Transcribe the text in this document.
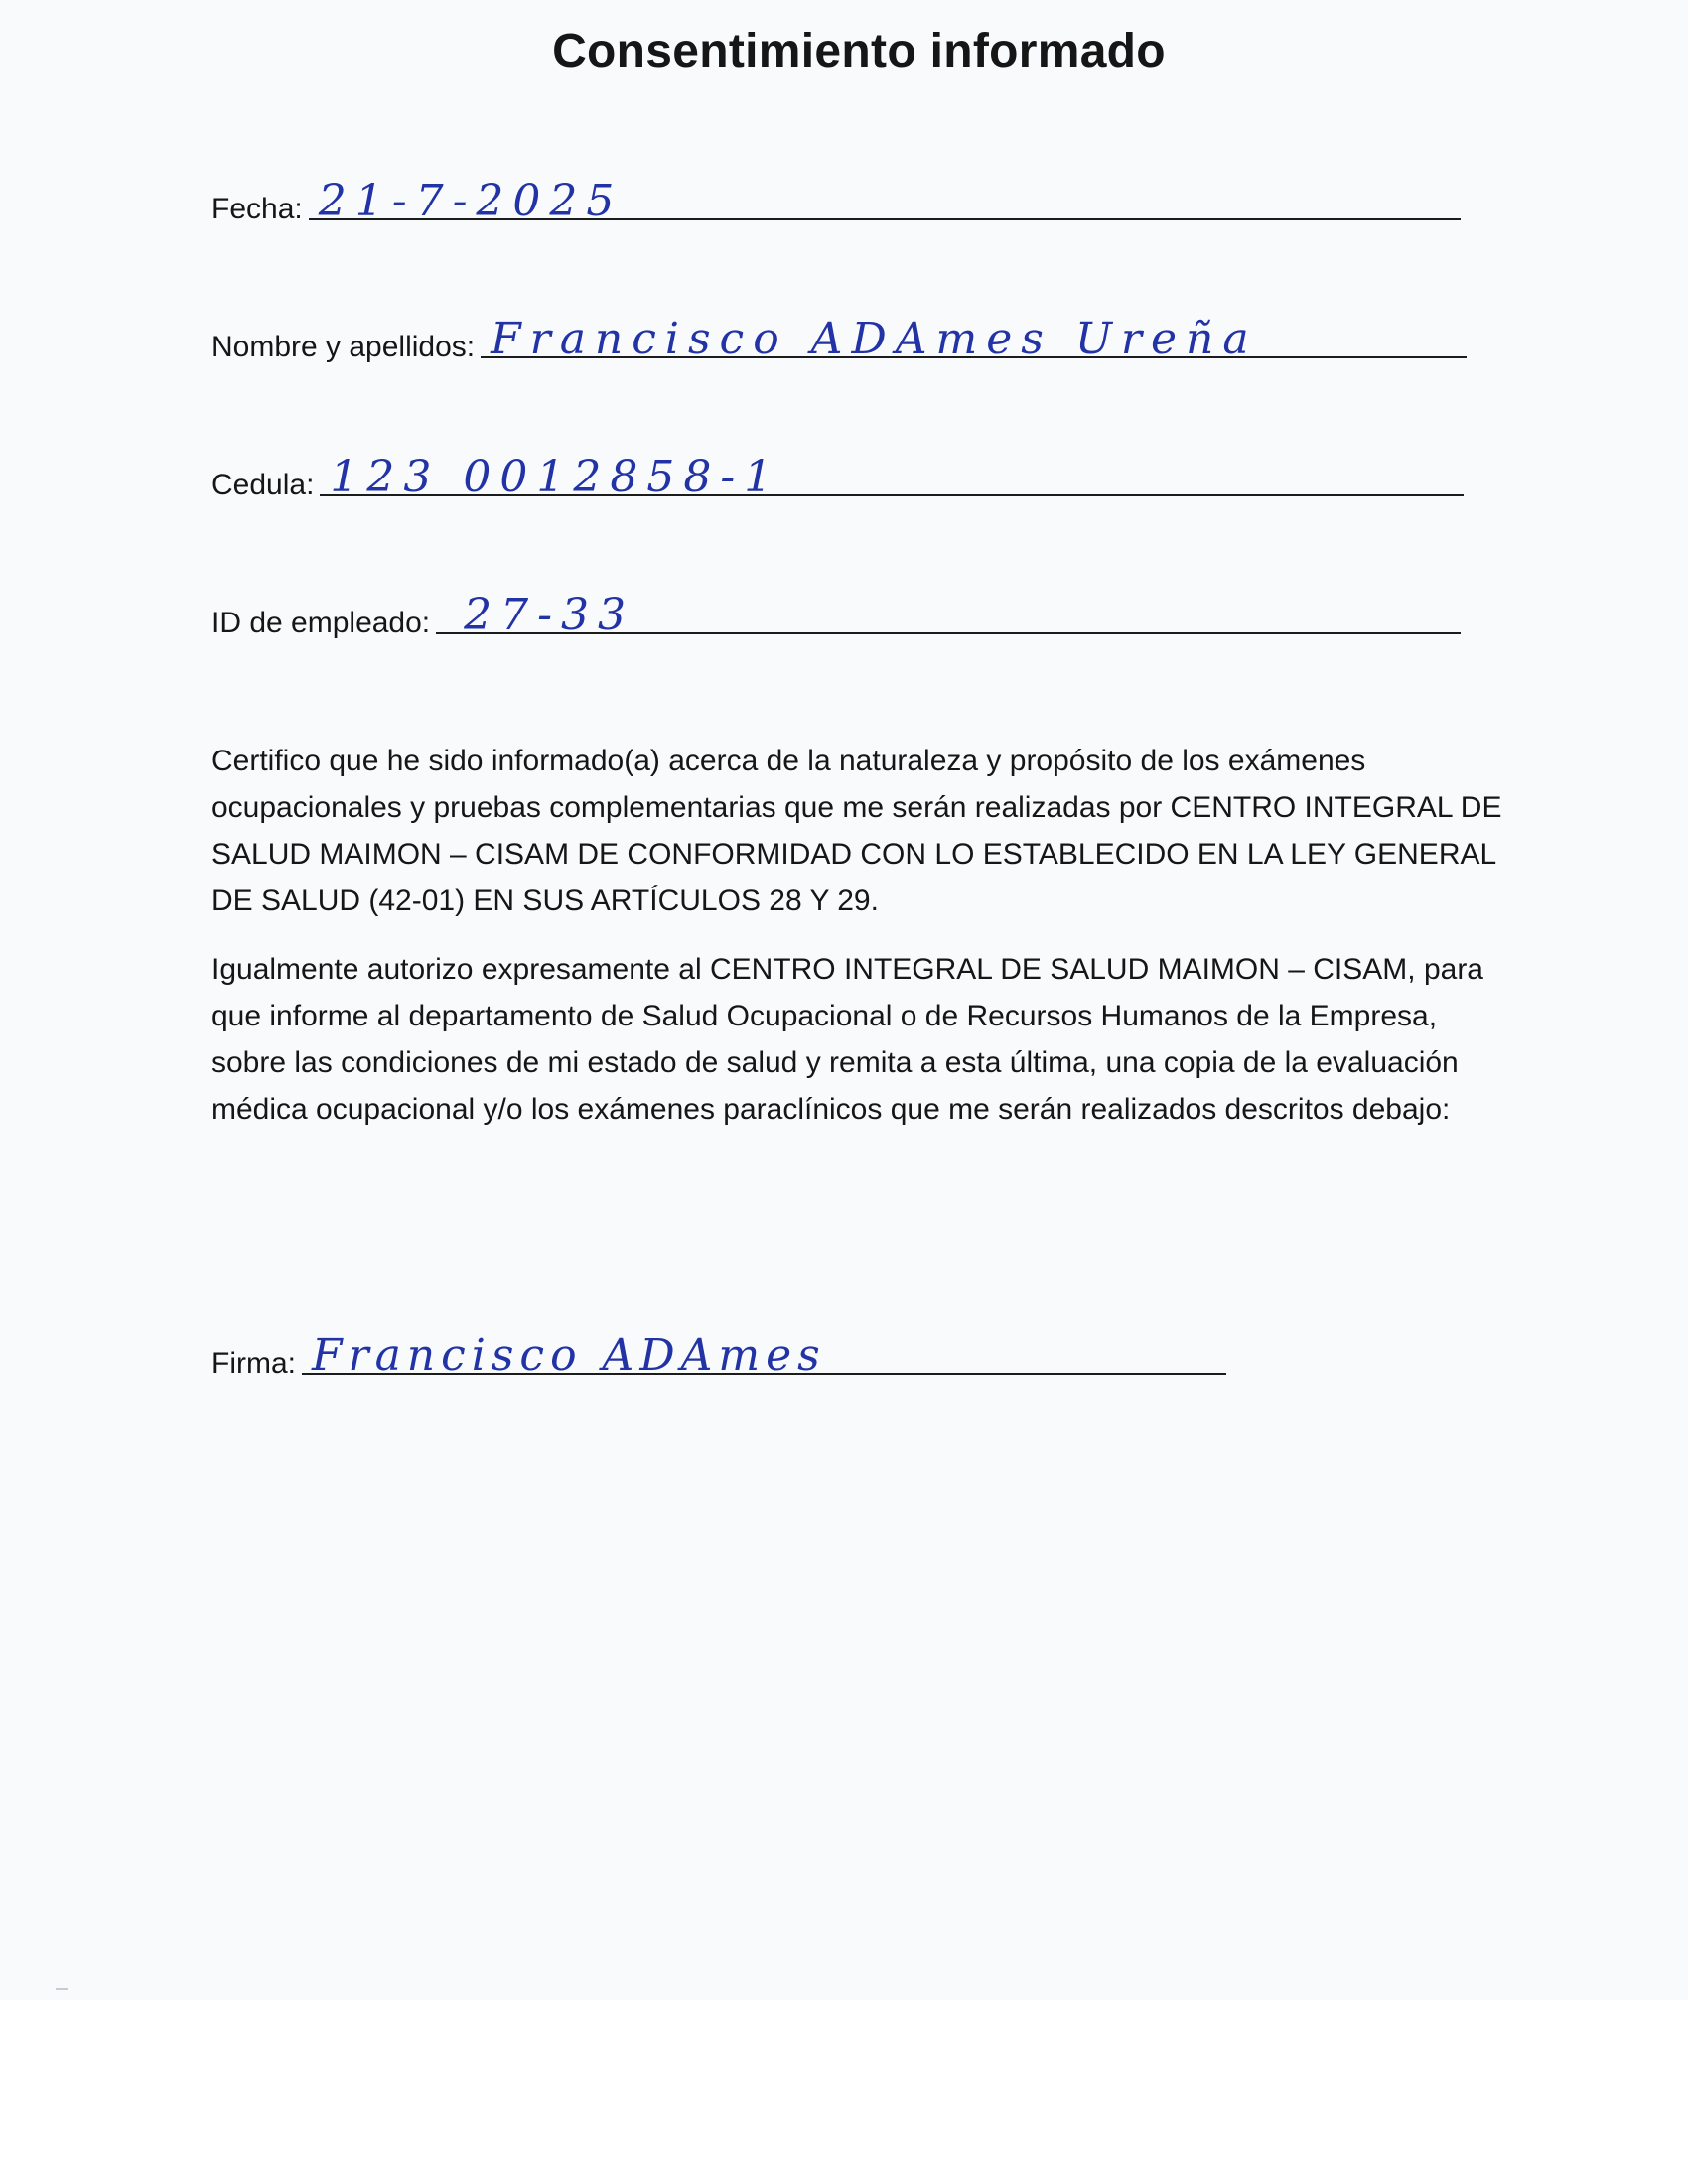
Consentimiento informado
Fecha: 21-7-2025
Nombre y apellidos: Francisco ADAmes Ureña
Cedula: 123 0012858-1
ID de empleado: 27-33

Certifico que he sido informado(a) acerca de la naturaleza y propósito de los exámenes ocupacionales y pruebas complementarias que me serán realizadas por CENTRO INTEGRAL DE SALUD MAIMON – CISAM DE CONFORMIDAD CON LO ESTABLECIDO EN LA LEY GENERAL DE SALUD (42-01) EN SUS ARTÍCULOS 28 Y 29.

Igualmente autorizo expresamente al CENTRO INTEGRAL DE SALUD MAIMON – CISAM, para que informe al departamento de Salud Ocupacional o de Recursos Humanos de la Empresa, sobre las condiciones de mi estado de salud y remita a esta última, una copia de la evaluación médica ocupacional y/o los exámenes paraclínicos que me serán realizados descritos debajo:

Firma: Francisco ADAmes
